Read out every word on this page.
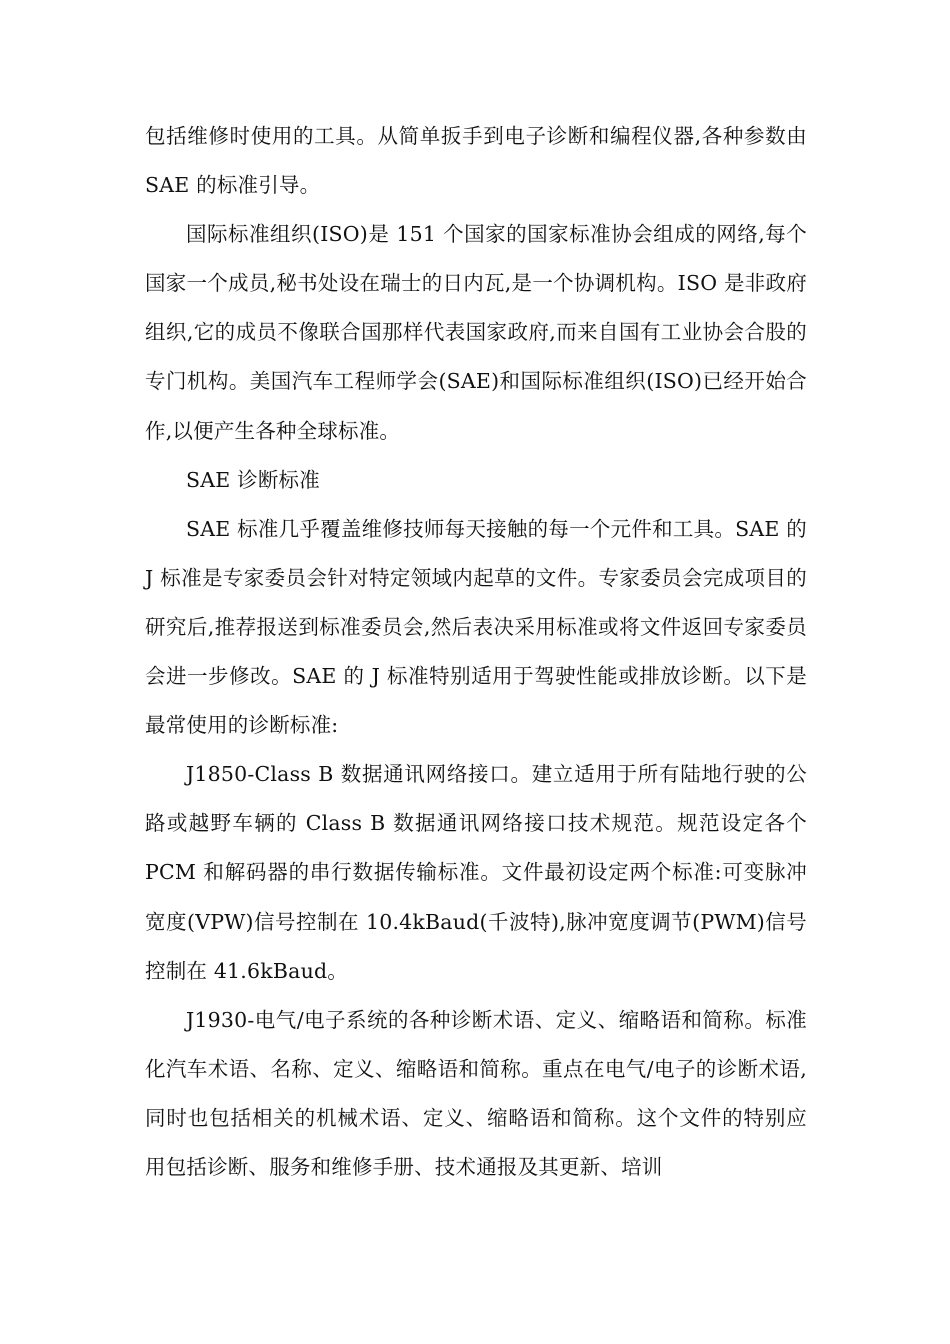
包括维修时使用的工具。从简单扳手到电子诊断和编程仪器,各种参数由 SAE 的标准引导。

国际标准组织(ISO)是 151 个国家的国家标准协会组成的网络,每个国家一个成员,秘书处设在瑞士的日内瓦,是一个协调机构。ISO 是非政府组织,它的成员不像联合国那样代表国家政府,而来自国有工业协会合股的专门机构。美国汽车工程师学会(SAE)和国际标准组织(ISO)已经开始合作,以便产生各种全球标准。

SAE 诊断标准

SAE 标准几乎覆盖维修技师每天接触的每一个元件和工具。SAE 的 J 标准是专家委员会针对特定领域内起草的文件。专家委员会完成项目的研究后,推荐报送到标准委员会,然后表决采用标准或将文件返回专家委员会进一步修改。SAE 的 J 标准特别适用于驾驶性能或排放诊断。以下是最常使用的诊断标准:

J1850-Class B 数据通讯网络接口。建立适用于所有陆地行驶的公路或越野车辆的 Class B 数据通讯网络接口技术规范。规范设定各个 PCM 和解码器的串行数据传输标准。文件最初设定两个标准:可变脉冲宽度(VPW)信号控制在 10.4kBaud(千波特),脉冲宽度调节(PWM)信号控制在 41.6kBaud。

J1930-电气/电子系统的各种诊断术语、定义、缩略语和简称。标准化汽车术语、名称、定义、缩略语和简称。重点在电气/电子的诊断术语,同时也包括相关的机械术语、定义、缩略语和简称。这个文件的特别应用包括诊断、服务和维修手册、技术通报及其更新、培训
